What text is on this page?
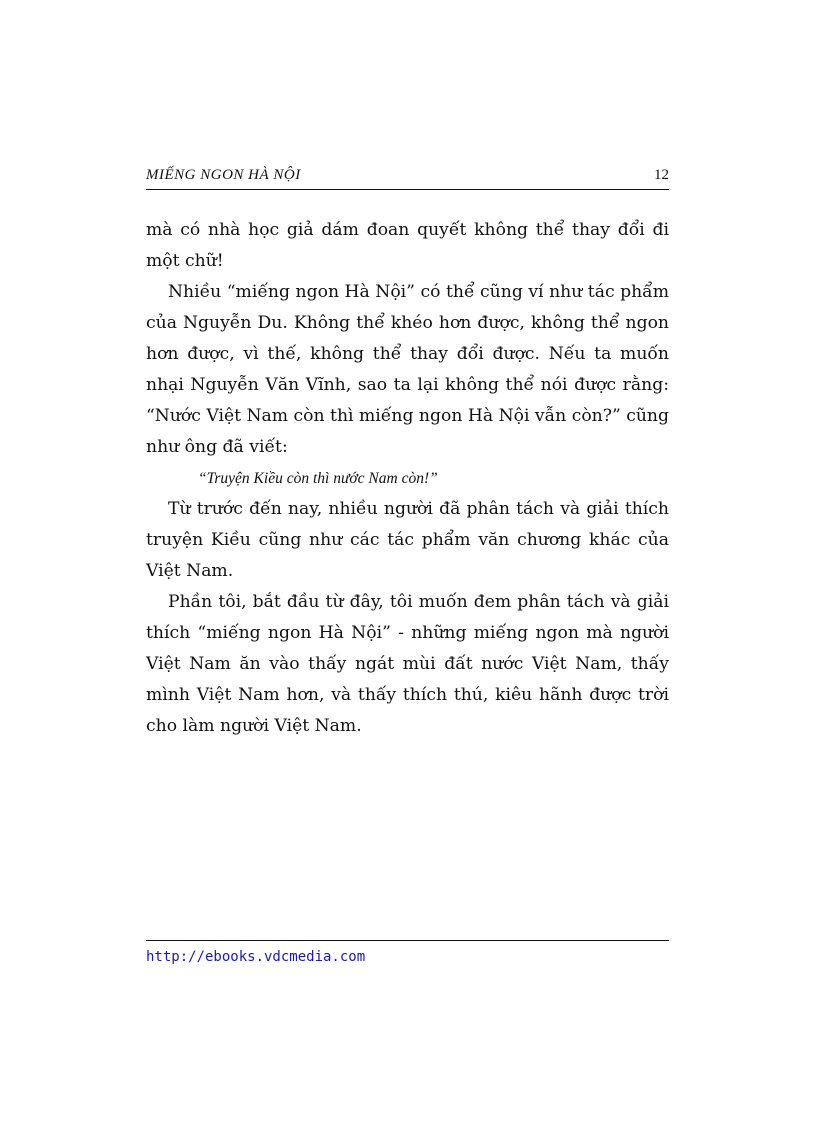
MIẾNG NGON HÀ NỘI	12

mà có nhà học giả dám đoan quyết không thể thay đổi đi một chữ!

Nhiều “miếng ngon Hà Nội” có thể cũng ví như tác phẩm của Nguyễn Du. Không thể khéo hơn được, không thể ngon hơn được, vì thế, không thể thay đổi được. Nếu ta muốn nhại Nguyễn Văn Vĩnh, sao ta lại không thể nói được rằng: “Nước Việt Nam còn thì miếng ngon Hà Nội vẫn còn?” cũng như ông đã viết:

“Truyện Kiều còn thì nước Nam còn!”

Từ trước đến nay, nhiều người đã phân tách và giải thích truyện Kiều cũng như các tác phẩm văn chương khác của Việt Nam.

Phần tôi, bắt đầu từ đây, tôi muốn đem phân tách và giải thích “miếng ngon Hà Nội” - những miếng ngon mà người Việt Nam ăn vào thấy ngát mùi đất nước Việt Nam, thấy mình Việt Nam hơn, và thấy thích thú, kiêu hãnh được trời cho làm người Việt Nam.

http://ebooks.vdcmedia.com
